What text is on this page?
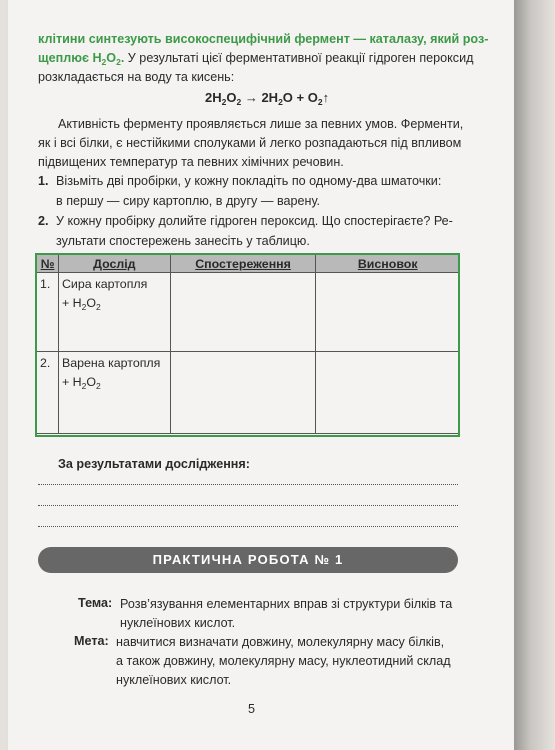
клітини синтезують високоспецифічний фермент — каталазу, який роз-
щеплює $H_2O_2$. У результаті цієї ферментативної реакції гідроген пероксид
розкладається на воду та кисень:
$2H_2O_2 \to 2H_2O$ + $O_2↑$
Активність ферменту проявляється лише за певних умов. Ферменти,
як і всі білки, є нестійкими сполуками й легко розпадаються під впливом
підвищених температур та певних хімічних речовин.
1. Візьміть дві пробірки, у кожну покладіть по одному-два шматочки:
в першу — сиру картоплю, в другу — варену.
2. У кожну пробірку долийте гідроген пероксид. Що спостерігаєте? Ре-
зультати спостережень занесіть у таблицю.
№	Дослід	Спостереження	Висновок
1.	Сира картопля
+ $H_2O_2$		
2.	Варена картопля
+ $H_2O_2$		
За результатами дослідження:
ПРАКТИЧНА РОБОТА № 1
Тема: Розв’язування елементарних вправ зі структури білків та
нуклеїнових кислот.
Мета: навчитися визначати довжину, молекулярну масу білків,
а також довжину, молекулярну масу, нуклеотидний склад
нуклеїнових кислот.
5
